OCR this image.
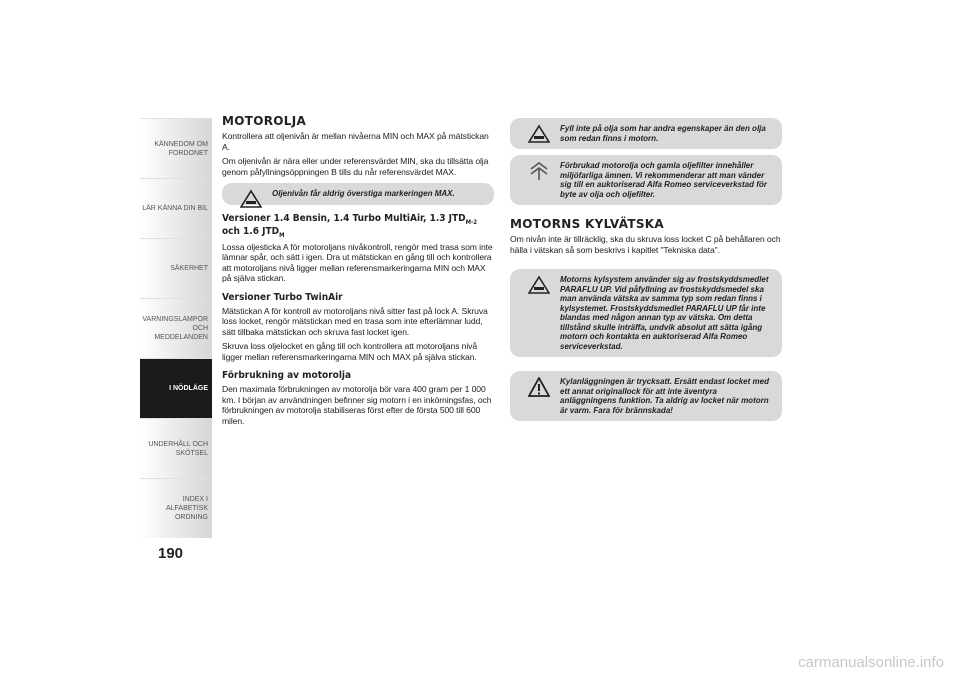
KÄNNEDOM OM FORDONET
LÄR KÄNNA DIN BIL
SÄKERHET
VARNINGSLAMPOR OCH MEDDELANDEN
I NÖDLÄGE
UNDERHÅLL OCH SKÖTSEL
INDEX I ALFABETISK ORDNING
190
MOTOROLJA

Kontrollera att oljenivån är mellan nivåerna MIN och MAX på mätstickan A.

Om oljenivån är nära eller under referensvärdet MIN, ska du tillsätta olja genom påfyllningsöppningen B tills du når referensvärdet MAX.

Oljenivån får aldrig överstiga markeringen MAX.
Versioner 1.4 Bensin, 1.4 Turbo MultiAir, 1.3 $JTD_{M-2}$ och 1.6 $JTD_M$

Lossa oljesticka A för motoroljans nivåkontroll, rengör med trasa som inte lämnar spår, och sätt i igen. Dra ut mätstickan en gång till och kontrollera att motoroljans nivå ligger mellan referensmarkeringarna MIN och MAX på själva stickan.

Versioner Turbo TwinAir

Mätstickan A för kontroll av motoroljans nivå sitter fast på lock A. Skruva loss locket, rengör mätstickan med en trasa som inte efterlämnar ludd, sätt tillbaka mätstickan och skruva fast locket igen.

Skruva loss oljelocket en gång till och kontrollera att motoroljans nivå ligger mellan referensmarkeringarna MIN och MAX på själva stickan.

Förbrukning av motorolja

Den maximala förbrukningen av motorolja bör vara 400 gram per 1 000 km. I början av användningen befinner sig motorn i en inkörningsfas, och förbrukningen av motorolja stabiliseras först efter de första 500 till 600 milen.

Fyll inte på olja som har andra egenskaper än den olja som redan finns i motorn.
Förbrukad motorolja och gamla oljefilter innehåller miljöfarliga ämnen. Vi rekommenderar att man vänder sig till en auktoriserad Alfa Romeo serviceverkstad för byte av olja och oljefilter.
MOTORNS KYLVÄTSKA

Om nivån inte är tillräcklig, ska du skruva loss locket C på behållaren och hälla i vätskan så som beskrivs i kapitlet "Tekniska data".

Motorns kylsystem använder sig av frostskyddsmedlet PARAFLU UP. Vid påfyllning av frostskyddsmedel ska man använda vätska av samma typ som redan finns i kylsystemet. Frostskyddsmedlet PARAFLU UP får inte blandas med någon annan typ av vätska. Om detta tillstånd skulle inträffa, undvik absolut att sätta igång motorn och kontakta en auktoriserad Alfa Romeo serviceverkstad.
Kylanläggningen är trycksatt. Ersätt endast locket med ett annat originallock för att inte äventyra anläggningens funktion. Ta aldrig av locket när motorn är varm. Fara för brännskada!
carmanualsonline.info
